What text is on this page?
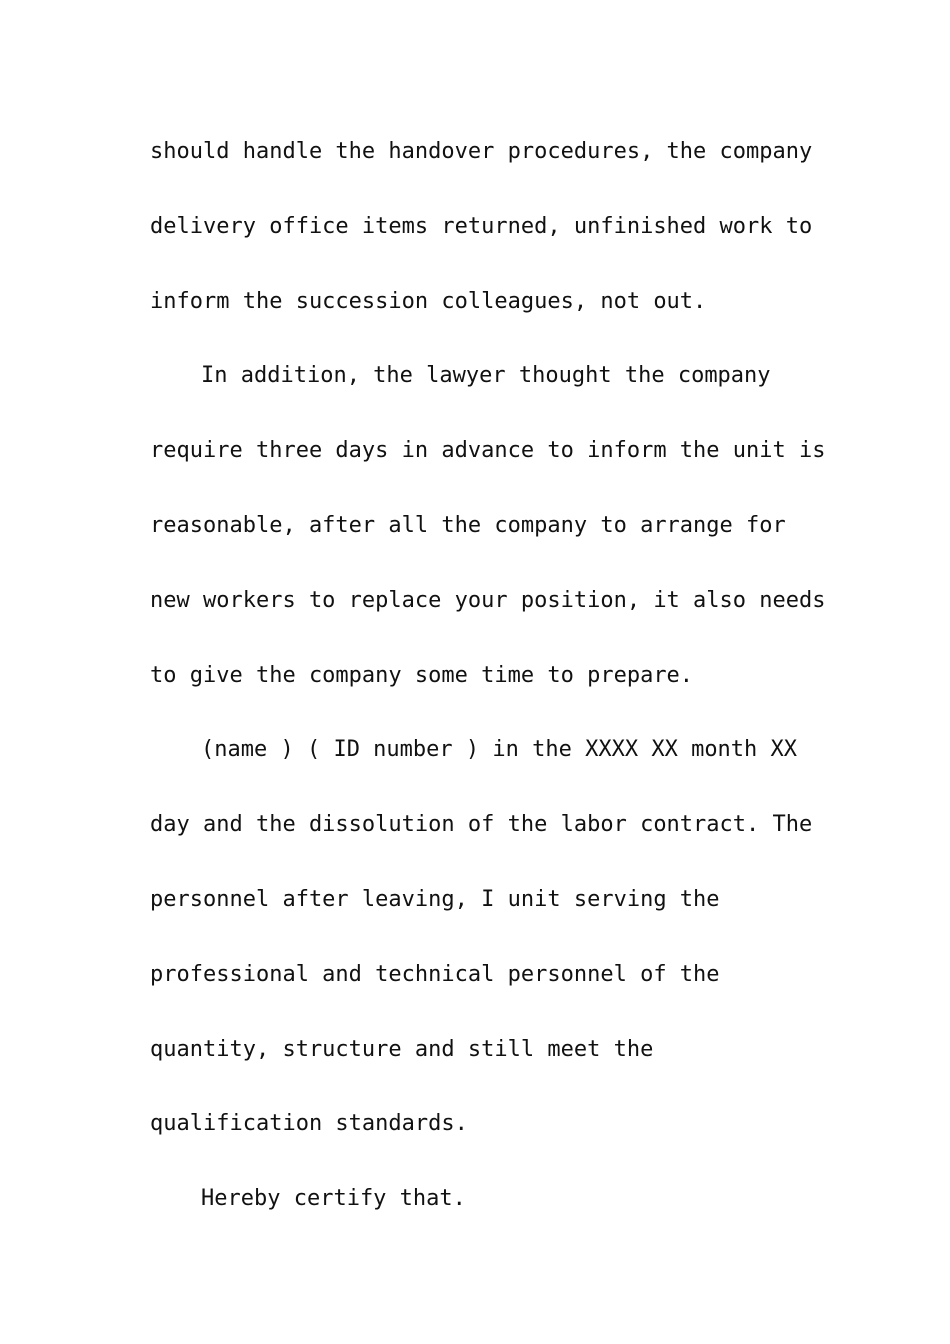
should handle the handover procedures, the company
delivery office items returned, unfinished work to
inform the succession colleagues, not out.
In addition, the lawyer thought the company
require three days in advance to inform the unit is
reasonable, after all the company to arrange for
new workers to replace your position, it also needs
to give the company some time to prepare.
(name ) ( ID number ) in the XXXX XX month XX
day and the dissolution of the labor contract. The
personnel after leaving, I unit serving the
professional and technical personnel of the
quantity, structure and still meet the
qualification standards.
Hereby certify that.
